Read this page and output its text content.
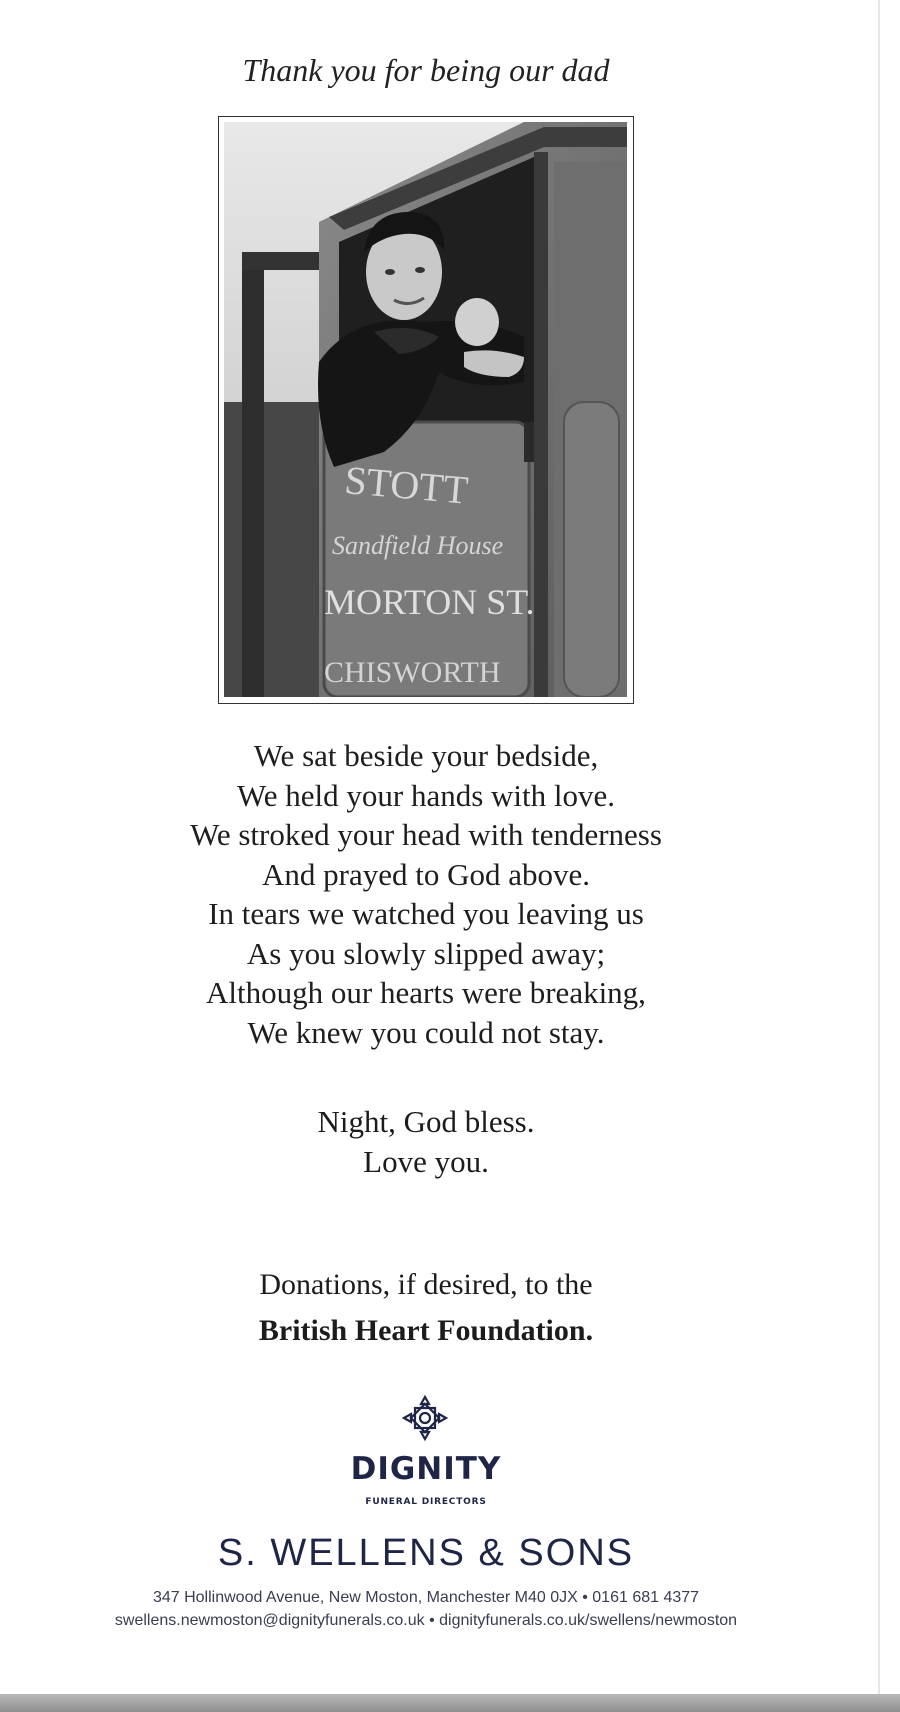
Thank you for being our dad
STOTT
Sandfield House
MORTON ST.
CHISWORTH
We sat beside your bedside,
We held your hands with love.
We stroked your head with tenderness
And prayed to God above.
In tears we watched you leaving us
As you slowly slipped away;
Although our hearts were breaking,
We knew you could not stay.
Night, God bless.
Love you.
Donations, if desired, to the
British Heart Foundation.
DIGNITY
FUNERAL DIRECTORS
S. WELLENS & SONS
347 Hollinwood Avenue, New Moston, Manchester M40 0JX • 0161 681 4377
swellens.newmoston@dignityfunerals.co.uk • dignityfunerals.co.uk/swellens/newmoston
